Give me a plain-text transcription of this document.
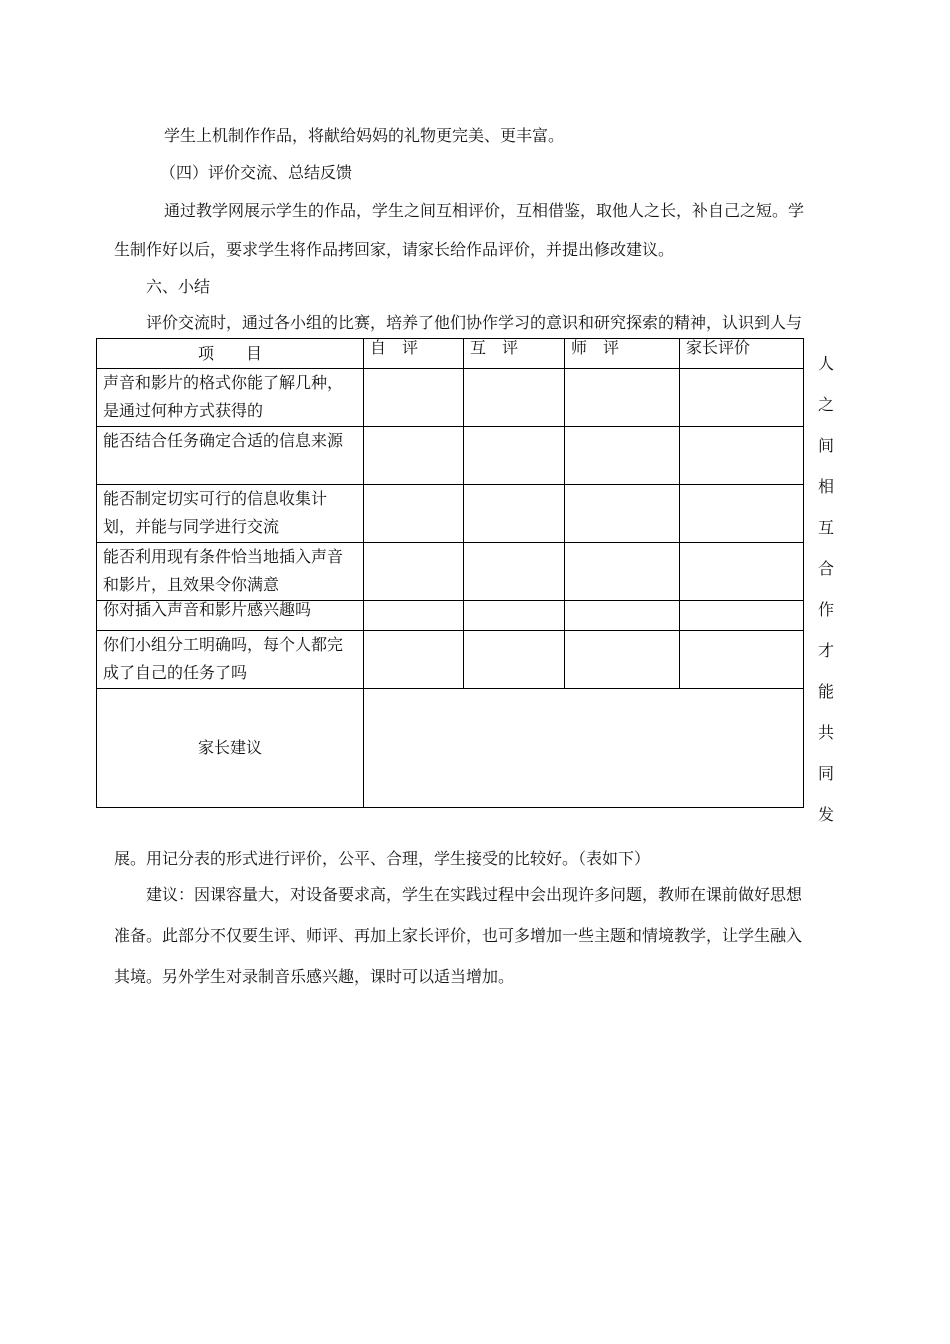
学生上机制作作品，将献给妈妈的礼物更完美、更丰富。
（四）评价交流、总结反馈
通过教学网展示学生的作品，学生之间互相评价，互相借鉴，取他人之长，补自己之短。学
生制作好以后，要求学生将作品拷回家，请家长给作品评价，并提出修改建议。
六、小结
评价交流时，通过各小组的比赛，培养了他们协作学习的意识和研究探索的精神，认识到人与
项　　目	自　评	互　评	师　评	家长评价
声音和影片的格式你能了解几种，是通过何种方式获得的				
能否结合任务确定合适的信息来源				
能否制定切实可行的信息收集计划，并能与同学进行交流				
能否利用现有条件恰当地插入声音和影片，且效果令你满意				
你对插入声音和影片感兴趣吗				
你们小组分工明确吗，每个人都完成了自己的任务了吗				
家长建议				
人
之
间
相
互
合
作
才
能
共
同
发
展。用记分表的形式进行评价，公平、合理，学生接受的比较好。（表如下）
建议：因课容量大，对设备要求高，学生在实践过程中会出现许多问题，教师在课前做好思想
准备。此部分不仅要生评、师评、再加上家长评价，也可多增加一些主题和情境教学，让学生融入
其境。另外学生对录制音乐感兴趣，课时可以适当增加。
